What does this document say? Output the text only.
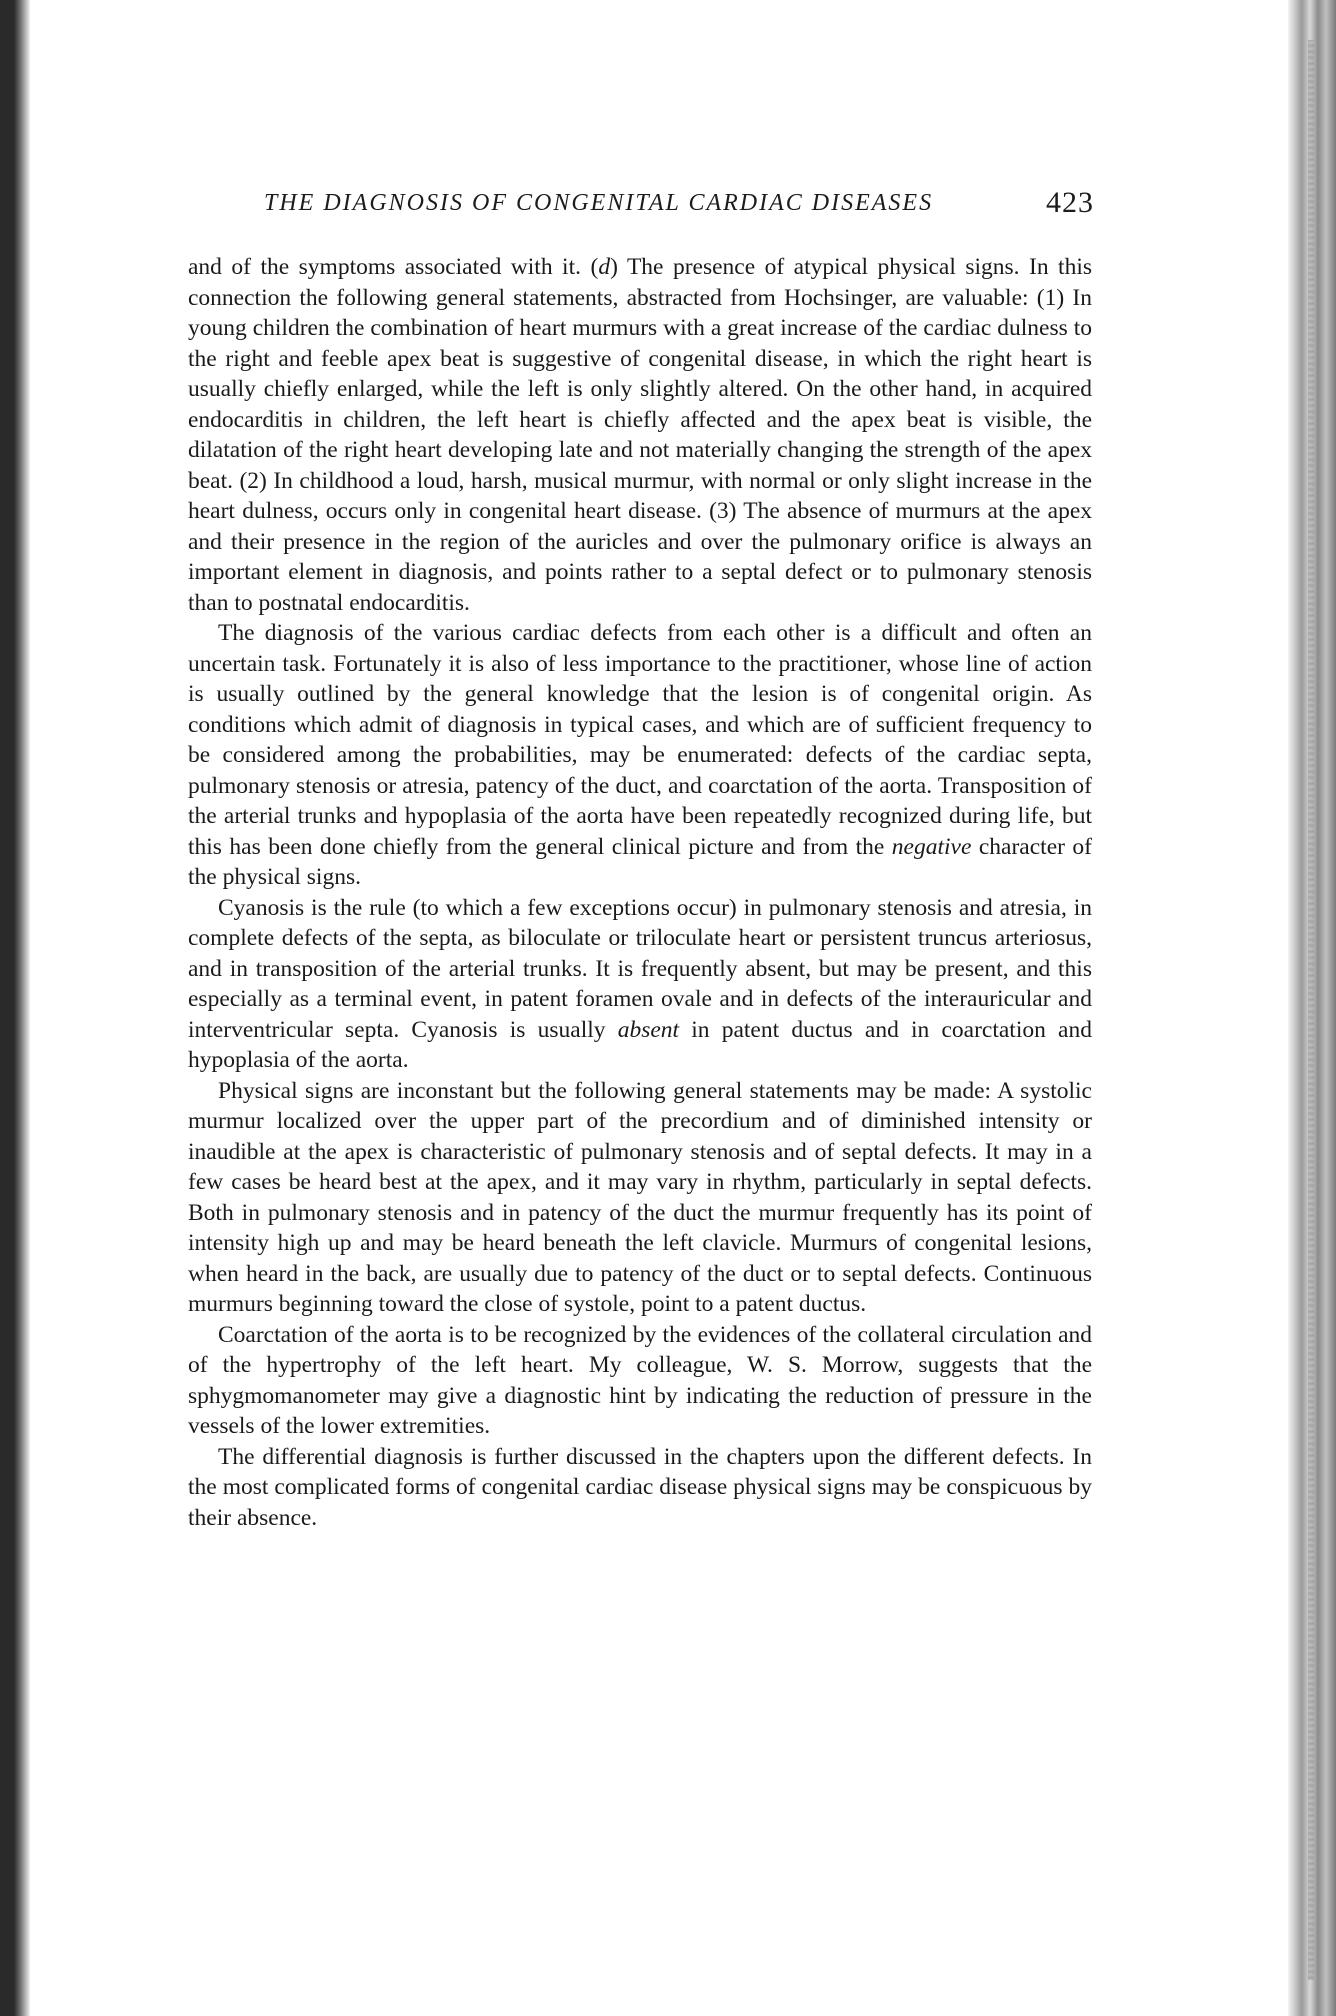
THE DIAGNOSIS OF CONGENITAL CARDIAC DISEASES	423

and of the symptoms associated with it. (d) The presence of atypical physical signs. In this connection the following general statements, abstracted from Hochsinger, are valuable: (1) In young children the combination of heart murmurs with a great increase of the cardiac dulness to the right and feeble apex beat is suggestive of congenital disease, in which the right heart is usually chiefly enlarged, while the left is only slightly altered. On the other hand, in acquired endocarditis in children, the left heart is chiefly affected and the apex beat is visible, the dilatation of the right heart developing late and not materially changing the strength of the apex beat. (2) In childhood a loud, harsh, musical murmur, with normal or only slight increase in the heart dulness, occurs only in congenital heart disease. (3) The absence of murmurs at the apex and their presence in the region of the auricles and over the pulmonary orifice is always an important element in diagnosis, and points rather to a septal defect or to pulmonary stenosis than to postnatal endocarditis.

The diagnosis of the various cardiac defects from each other is a difficult and often an uncertain task. Fortunately it is also of less importance to the practitioner, whose line of action is usually outlined by the general knowledge that the lesion is of congenital origin. As conditions which admit of diagnosis in typical cases, and which are of sufficient frequency to be considered among the probabilities, may be enumerated: defects of the cardiac septa, pulmonary stenosis or atresia, patency of the duct, and coarctation of the aorta. Transposition of the arterial trunks and hypoplasia of the aorta have been repeatedly recognized during life, but this has been done chiefly from the general clinical picture and from the negative character of the physical signs.

Cyanosis is the rule (to which a few exceptions occur) in pulmonary stenosis and atresia, in complete defects of the septa, as biloculate or triloculate heart or persistent truncus arteriosus, and in transposition of the arterial trunks. It is frequently absent, but may be present, and this especially as a terminal event, in patent foramen ovale and in defects of the interauricular and interventricular septa. Cyanosis is usually absent in patent ductus and in coarctation and hypoplasia of the aorta.

Physical signs are inconstant but the following general statements may be made: A systolic murmur localized over the upper part of the precordium and of diminished intensity or inaudible at the apex is characteristic of pulmonary stenosis and of septal defects. It may in a few cases be heard best at the apex, and it may vary in rhythm, particularly in septal defects. Both in pulmonary stenosis and in patency of the duct the murmur frequently has its point of intensity high up and may be heard beneath the left clavicle. Murmurs of congenital lesions, when heard in the back, are usually due to patency of the duct or to septal defects. Continuous murmurs beginning toward the close of systole, point to a patent ductus.

Coarctation of the aorta is to be recognized by the evidences of the collateral circulation and of the hypertrophy of the left heart. My colleague, W. S. Morrow, suggests that the sphygmomanometer may give a diagnostic hint by indicating the reduction of pressure in the vessels of the lower extremities.

The differential diagnosis is further discussed in the chapters upon the different defects. In the most complicated forms of congenital cardiac disease physical signs may be conspicuous by their absence.
